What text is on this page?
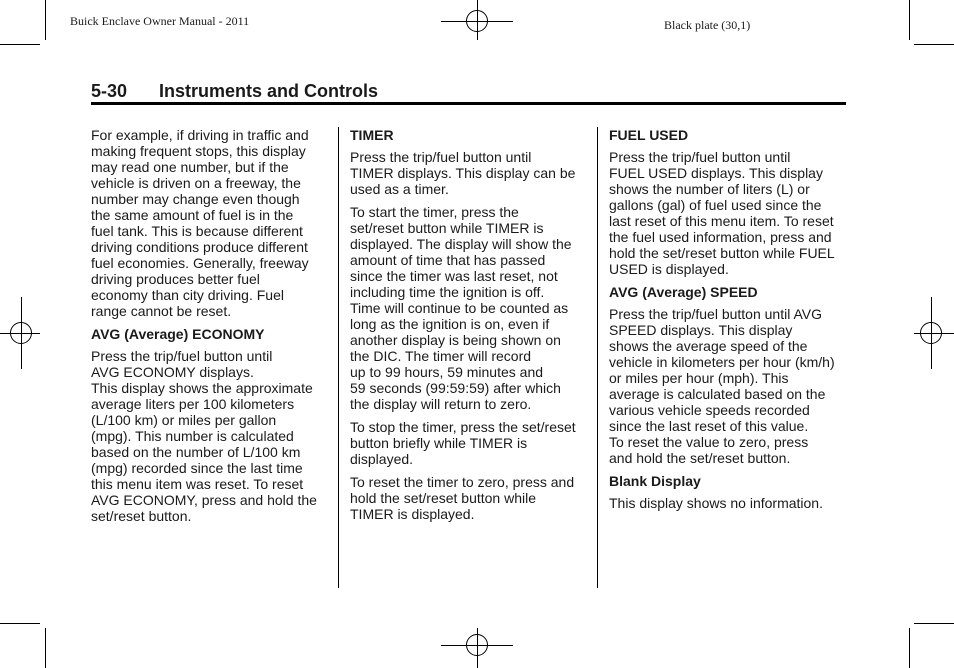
Buick Enclave Owner Manual - 2011	Black plate (30,1)
5-30 Instruments and Controls

For example, if driving in traffic and
making frequent stops, this display
may read one number, but if the
vehicle is driven on a freeway, the
number may change even though
the same amount of fuel is in the
fuel tank. This is because different
driving conditions produce different
fuel economies. Generally, freeway
driving produces better fuel
economy than city driving. Fuel
range cannot be reset.

AVG (Average) ECONOMY

Press the trip/fuel button until
AVG ECONOMY displays.
This display shows the approximate
average liters per 100 kilometers
(L/100 km) or miles per gallon
(mpg). This number is calculated
based on the number of L/100 km
(mpg) recorded since the last time
this menu item was reset. To reset
AVG ECONOMY, press and hold the
set/reset button.

TIMER

Press the trip/fuel button until
TIMER displays. This display can be
used as a timer.

To start the timer, press the
set/reset button while TIMER is
displayed. The display will show the
amount of time that has passed
since the timer was last reset, not
including time the ignition is off.
Time will continue to be counted as
long as the ignition is on, even if
another display is being shown on
the DIC. The timer will record
up to 99 hours, 59 minutes and
59 seconds (99:59:59) after which
the display will return to zero.

To stop the timer, press the set/reset
button briefly while TIMER is
displayed.

To reset the timer to zero, press and
hold the set/reset button while
TIMER is displayed.

FUEL USED

Press the trip/fuel button until
FUEL USED displays. This display
shows the number of liters (L) or
gallons (gal) of fuel used since the
last reset of this menu item. To reset
the fuel used information, press and
hold the set/reset button while FUEL
USED is displayed.

AVG (Average) SPEED

Press the trip/fuel button until AVG
SPEED displays. This display
shows the average speed of the
vehicle in kilometers per hour (km/h)
or miles per hour (mph). This
average is calculated based on the
various vehicle speeds recorded
since the last reset of this value.
To reset the value to zero, press
and hold the set/reset button.

Blank Display

This display shows no information.
